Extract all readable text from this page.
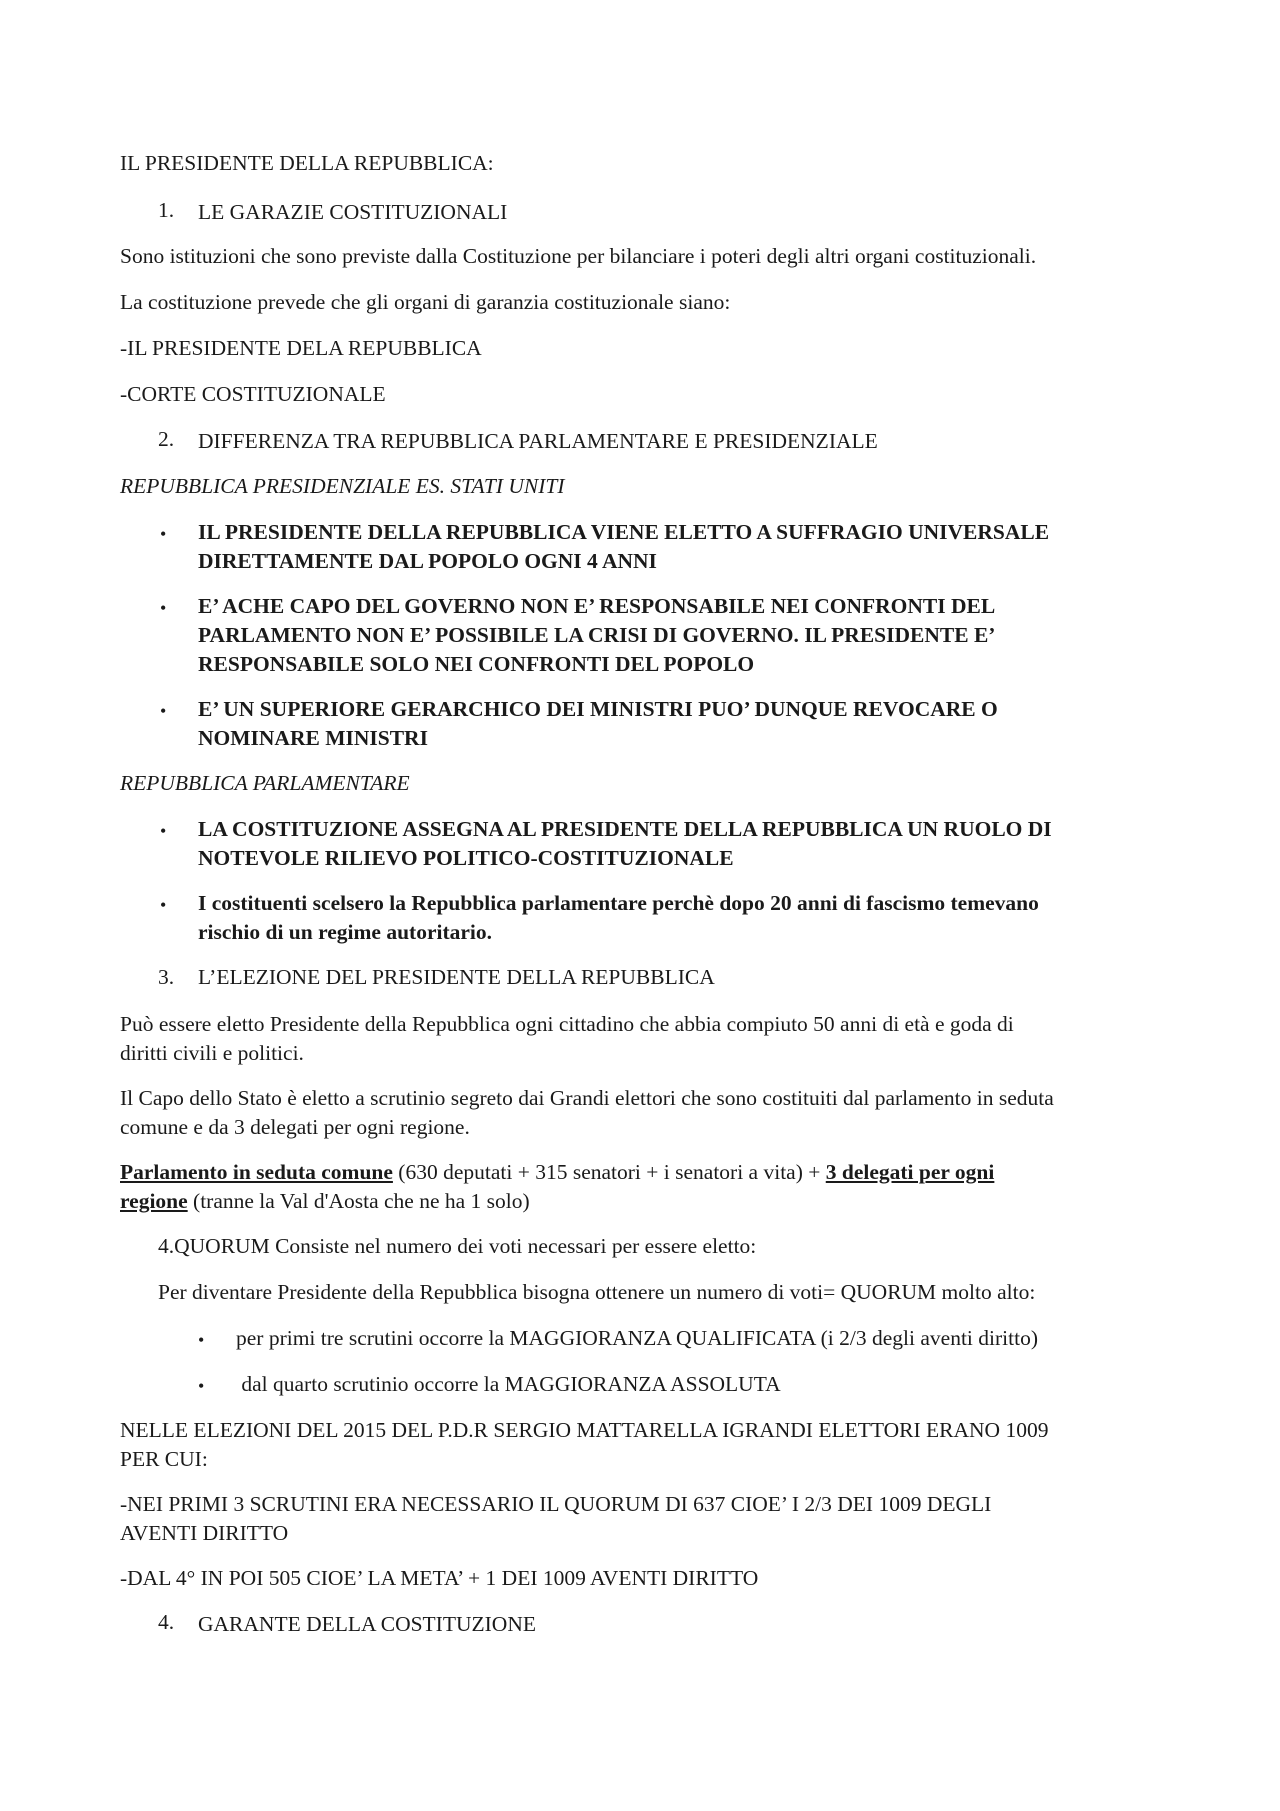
IL PRESIDENTE DELLA REPUBBLICA:
1. LE GARAZIE COSTITUZIONALI
Sono istituzioni che sono previste dalla Costituzione per bilanciare i poteri degli altri organi costituzionali.
La costituzione prevede che gli organi di garanzia costituzionale siano:
-IL PRESIDENTE DELA REPUBBLICA
-CORTE COSTITUZIONALE
2. DIFFERENZA TRA REPUBBLICA PARLAMENTARE E PRESIDENZIALE
REPUBBLICA PRESIDENZIALE ES. STATI UNITI
• IL PRESIDENTE DELLA REPUBBLICA VIENE ELETTO A SUFFRAGIO UNIVERSALE
DIRETTAMENTE DAL POPOLO OGNI 4 ANNI
• E’ ACHE CAPO DEL GOVERNO NON E’ RESPONSABILE NEI CONFRONTI DEL
PARLAMENTO NON E’ POSSIBILE LA CRISI DI GOVERNO. IL PRESIDENTE E’
RESPONSABILE SOLO NEI CONFRONTI DEL POPOLO
• E’ UN SUPERIORE GERARCHICO DEI MINISTRI PUO’ DUNQUE REVOCARE O
NOMINARE MINISTRI
REPUBBLICA PARLAMENTARE
• LA COSTITUZIONE ASSEGNA AL PRESIDENTE DELLA REPUBBLICA UN RUOLO DI
NOTEVOLE RILIEVO POLITICO-COSTITUZIONALE
• I costituenti scelsero la Repubblica parlamentare perchè dopo 20 anni di fascismo temevano
rischio di un regime autoritario.
3. L’ELEZIONE DEL PRESIDENTE DELLA REPUBBLICA
Può essere eletto Presidente della Repubblica ogni cittadino che abbia compiuto 50 anni di età e goda di
diritti civili e politici.
Il Capo dello Stato è eletto a scrutinio segreto dai Grandi elettori che sono costituiti dal parlamento in seduta
comune e da 3 delegati per ogni regione.
Parlamento in seduta comune (630 deputati + 315 senatori + i senatori a vita) + 3 delegati per ogni
regione (tranne la Val d'Aosta che ne ha 1 solo)
4.QUORUM Consiste nel numero dei voti necessari per essere eletto:
Per diventare Presidente della Repubblica bisogna ottenere un numero di voti= QUORUM molto alto:
• per primi tre scrutini occorre la MAGGIORANZA QUALIFICATA (i 2/3 degli aventi diritto)
• dal quarto scrutinio occorre la MAGGIORANZA ASSOLUTA
NELLE ELEZIONI DEL 2015 DEL P.D.R SERGIO MATTARELLA IGRANDI ELETTORI ERANO 1009
PER CUI:
-NEI PRIMI 3 SCRUTINI ERA NECESSARIO IL QUORUM DI 637 CIOE’ I 2/3 DEI 1009 DEGLI
AVENTI DIRITTO
-DAL 4° IN POI 505 CIOE’ LA META’ + 1 DEI 1009 AVENTI DIRITTO
4. GARANTE DELLA COSTITUZIONE
